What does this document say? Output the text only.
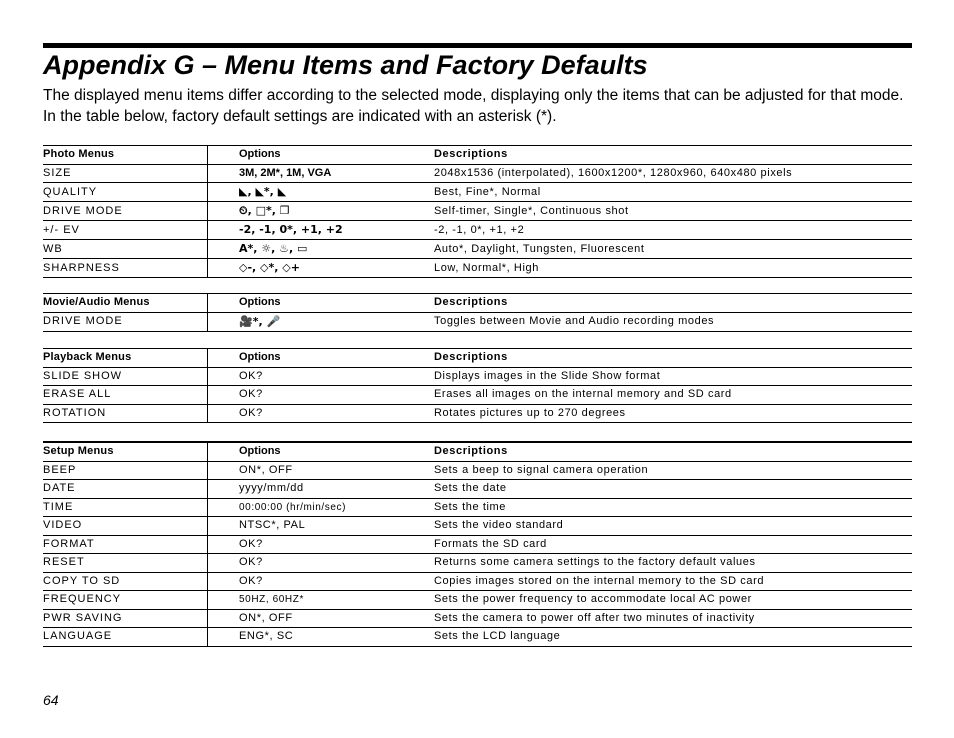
Appendix G – Menu Items and Factory Defaults

The displayed menu items differ according to the selected mode, displaying only the items that can be adjusted for that mode. In the table below, factory default settings are indicated with an asterisk (*).

Photo Menus	Options	Descriptions
SIZE	3M, 2M*, 1M, VGA	2048x1536 (interpolated), 1600x1200*, 1280x960, 640x480 pixels
QUALITY	◣, ◣*, ◣	Best, Fine*, Normal
DRIVE MODE	⏲, □*, ❐	Self-timer, Single*, Continuous shot
+/- EV	-2, -1, 0*, +1, +2	-2, -1, 0*, +1, +2
WB	A*, ☼, ♨, ▭	Auto*, Daylight, Tungsten, Fluorescent
SHARPNESS	◇-, ◇*, ◇+	Low, Normal*, High
Movie/Audio Menus	Options	Descriptions
DRIVE MODE	🎥*, 🎤	Toggles between Movie and Audio recording modes
Playback Menus	Options	Descriptions
SLIDE SHOW	OK?	Displays images in the Slide Show format
ERASE ALL	OK?	Erases all images on the internal memory and SD card
ROTATION	OK?	Rotates pictures up to 270 degrees
Setup Menus	Options	Descriptions
BEEP	ON*, OFF	Sets a beep to signal camera operation
DATE	yyyy/mm/dd	Sets the date
TIME	00:00:00 (hr/min/sec)	Sets the time
VIDEO	NTSC*, PAL	Sets the video standard
FORMAT	OK?	Formats the SD card
RESET	OK?	Returns some camera settings to the factory default values
COPY TO SD	OK?	Copies images stored on the internal memory to the SD card
FREQUENCY	50HZ, 60HZ*	Sets the power frequency to accommodate local AC power
PWR SAVING	ON*, OFF	Sets the camera to power off after two minutes of inactivity
LANGUAGE	ENG*, SC	Sets the LCD language
64
